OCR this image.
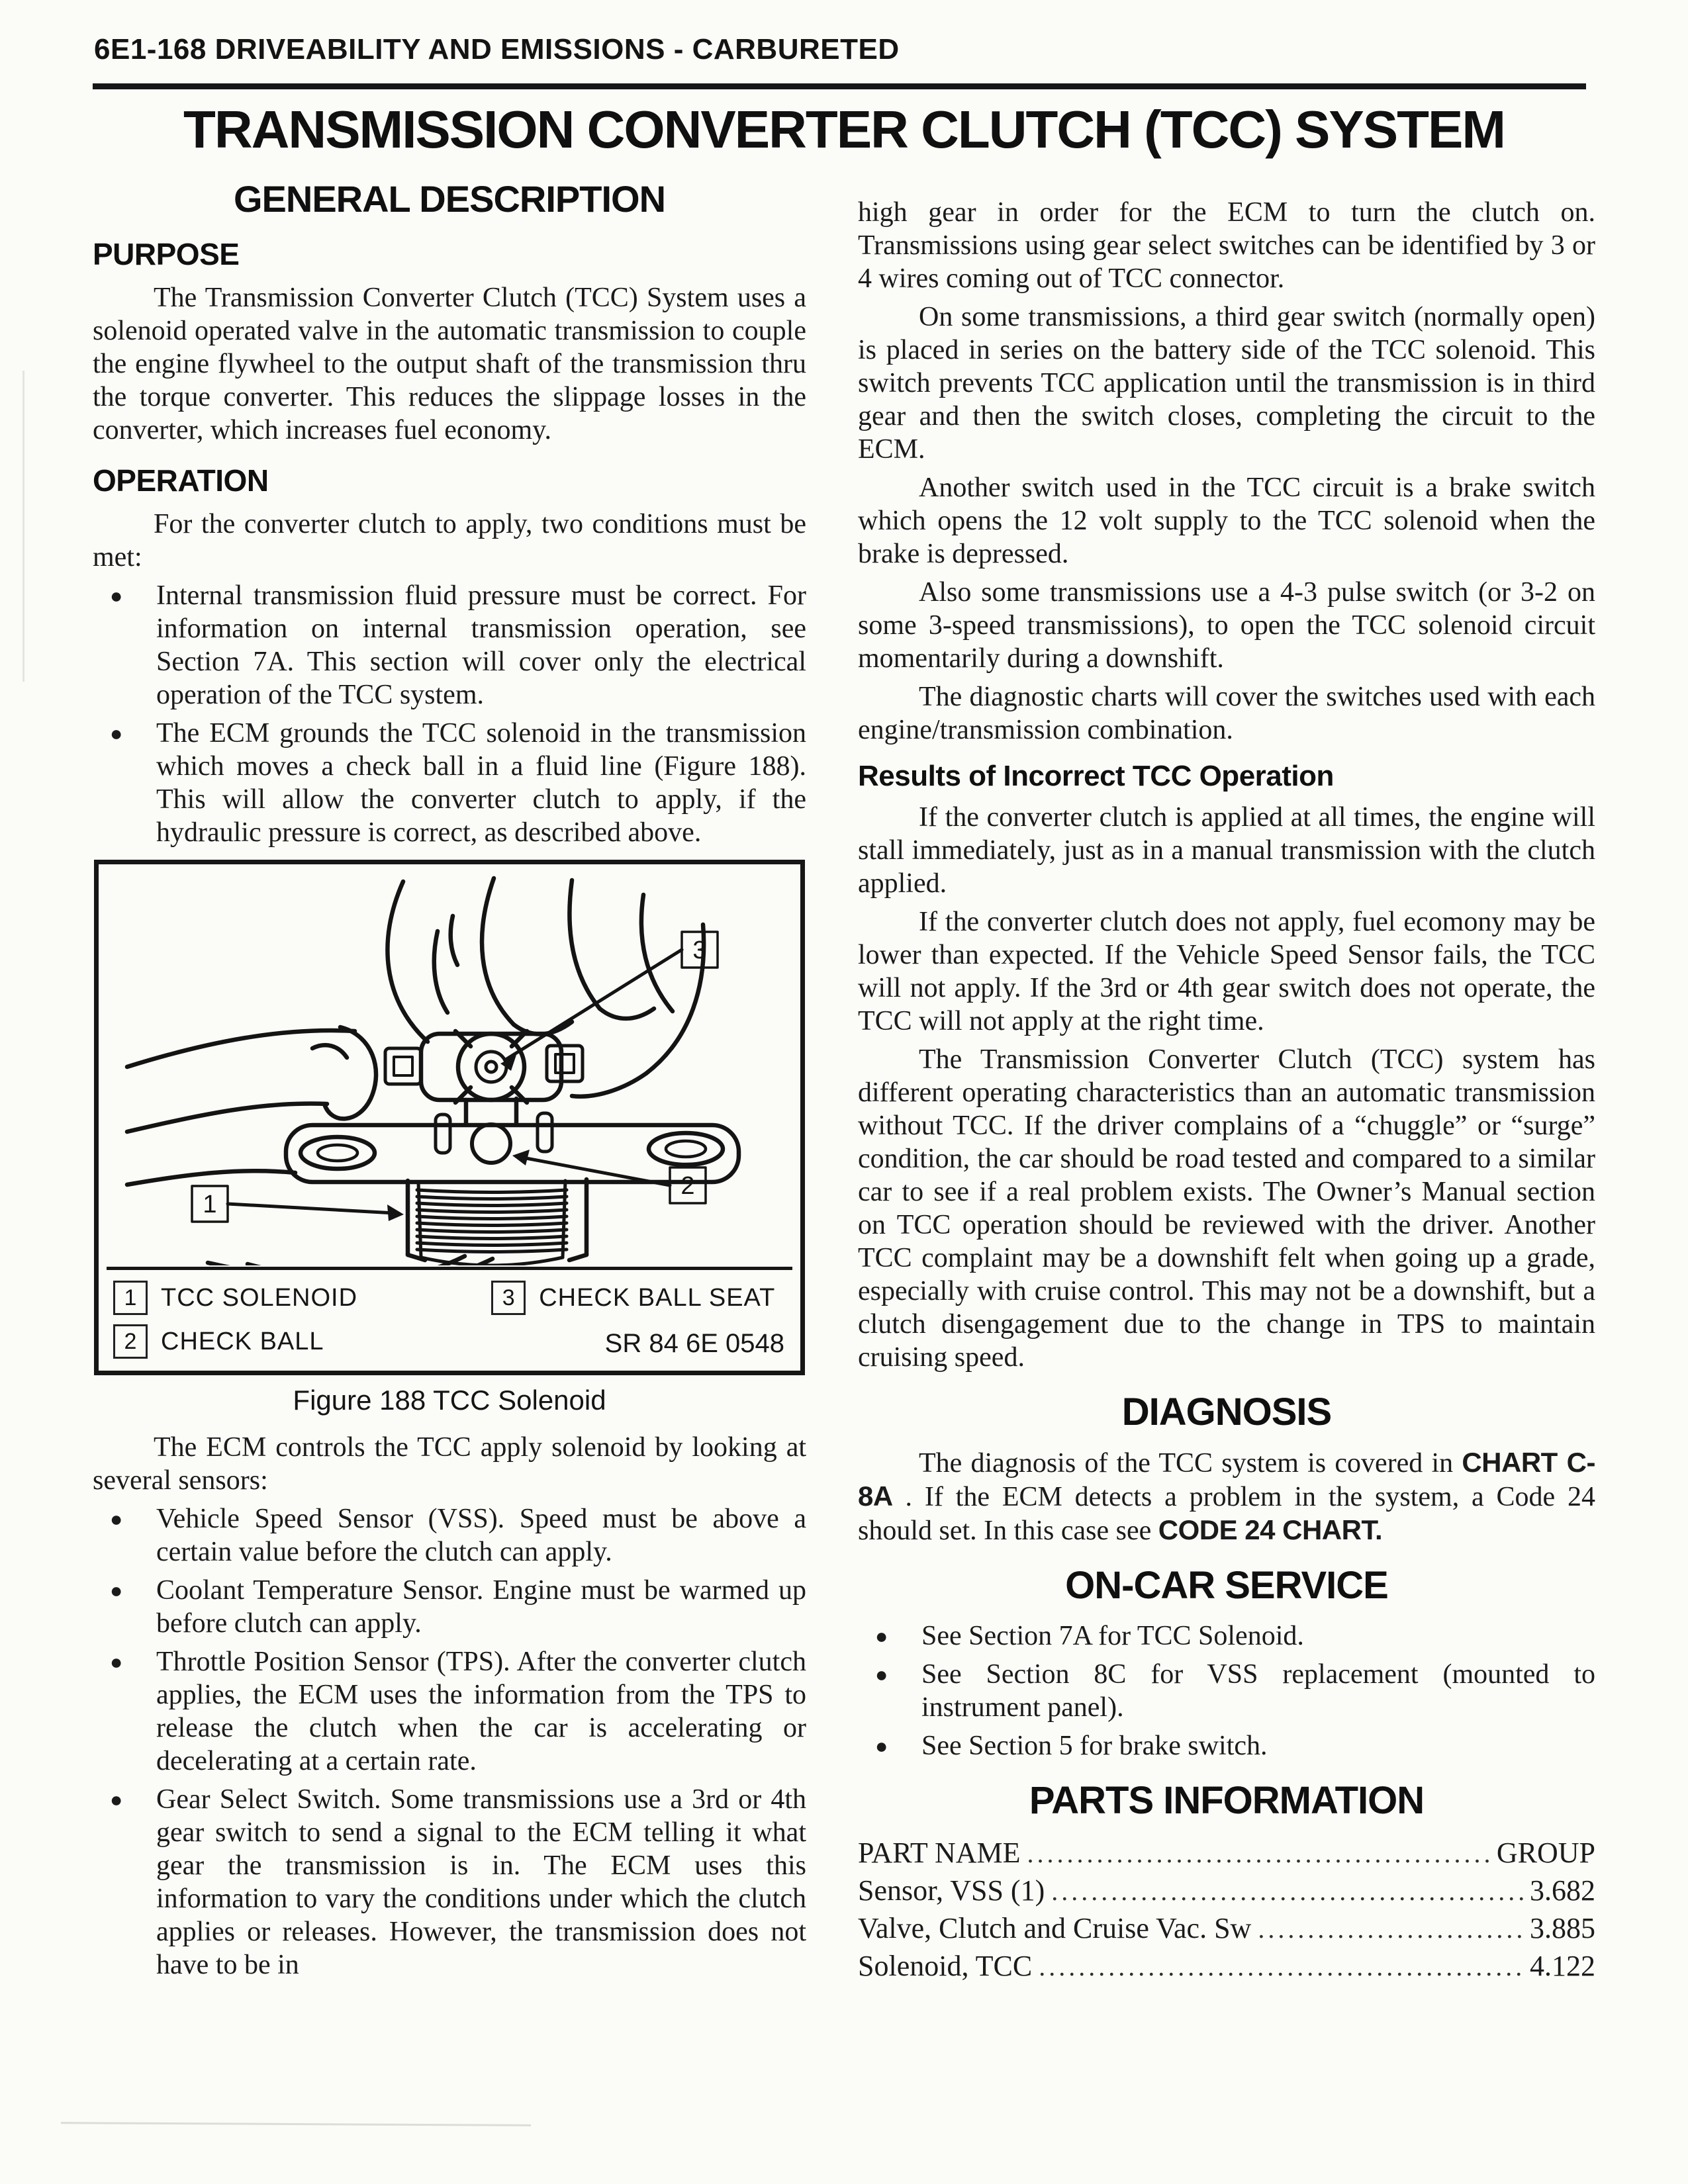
6E1-168 DRIVEABILITY AND EMISSIONS - CARBURETED
TRANSMISSION CONVERTER CLUTCH (TCC) SYSTEM
GENERAL DESCRIPTION
PURPOSE

The Transmission Converter Clutch (TCC) System uses a solenoid operated valve in the automatic transmission to couple the engine flywheel to the output shaft of the transmission thru the torque converter. This reduces the slippage losses in the converter, which increases fuel economy.

OPERATION

For the converter clutch to apply, two conditions must be met:

●
Internal transmission fluid pressure must be correct. For information on internal transmission operation, see Section 7A. This section will cover only the electrical operation of the TCC system.
●
The ECM grounds the TCC solenoid in the transmission which moves a check ball in a fluid line (Figure 188). This will allow the converter clutch to apply, if the hydraulic pressure is correct, as described above.
3
2
1
1 TCC SOLENOID	3 CHECK BALL SEAT
2 CHECK BALL	SR 84 6E 0548
Figure 188 TCC Solenoid

The ECM controls the TCC apply solenoid by looking at several sensors:

●
Vehicle Speed Sensor (VSS). Speed must be above a certain value before the clutch can apply.
●
Coolant Temperature Sensor. Engine must be warmed up before clutch can apply.
●
Throttle Position Sensor (TPS). After the converter clutch applies, the ECM uses the information from the TPS to release the clutch when the car is accelerating or decelerating at a certain rate.
●
Gear Select Switch. Some transmissions use a 3rd or 4th gear switch to send a signal to the ECM telling it what gear the transmission is in. The ECM uses this information to vary the conditions under which the clutch applies or releases. However, the transmission does not have to be in

high gear in order for the ECM to turn the clutch on. Transmissions using gear select switches can be identified by 3 or 4 wires coming out of TCC connector.

On some transmissions, a third gear switch (normally open) is placed in series on the battery side of the TCC solenoid. This switch prevents TCC application until the transmission is in third gear and then the switch closes, completing the circuit to the ECM.

Another switch used in the TCC circuit is a brake switch which opens the 12 volt supply to the TCC solenoid when the brake is depressed.

Also some transmissions use a 4-3 pulse switch (or 3-2 on some 3-speed transmissions), to open the TCC solenoid circuit momentarily during a downshift.

The diagnostic charts will cover the switches used with each engine/transmission combination.

Results of Incorrect TCC Operation

If the converter clutch is applied at all times, the engine will stall immediately, just as in a manual transmission with the clutch applied.

If the converter clutch does not apply, fuel ecomony may be lower than expected. If the Vehicle Speed Sensor fails, the TCC will not apply. If the 3rd or 4th gear switch does not operate, the TCC will not apply at the right time.

The Transmission Converter Clutch (TCC) system has different operating characteristics than an automatic transmission without TCC. If the driver complains of a “chuggle” or “surge” condition, the car should be road tested and compared to a similar car to see if a real problem exists. The Owner’s Manual section on TCC operation should be reviewed with the driver. Another TCC complaint may be a downshift felt when going up a grade, especially with cruise control. This may not be a downshift, but a clutch disengagement due to the change in TPS to maintain cruising speed.

DIAGNOSIS

The diagnosis of the TCC system is covered in CHART C-8A . If the ECM detects a problem in the system, a Code 24 should set. In this case see CODE 24 CHART.

ON-CAR SERVICE
●
See Section 7A for TCC Solenoid.
●
See Section 8C for VSS replacement (mounted to instrument panel).
●
See Section 5 for brake switch.
PARTS INFORMATION
PART NAME .....	GROUP
Sensor, VSS (1) .....	3.682
Valve, Clutch and Cruise Vac. Sw .....	3.885
Solenoid, TCC .....	4.122
